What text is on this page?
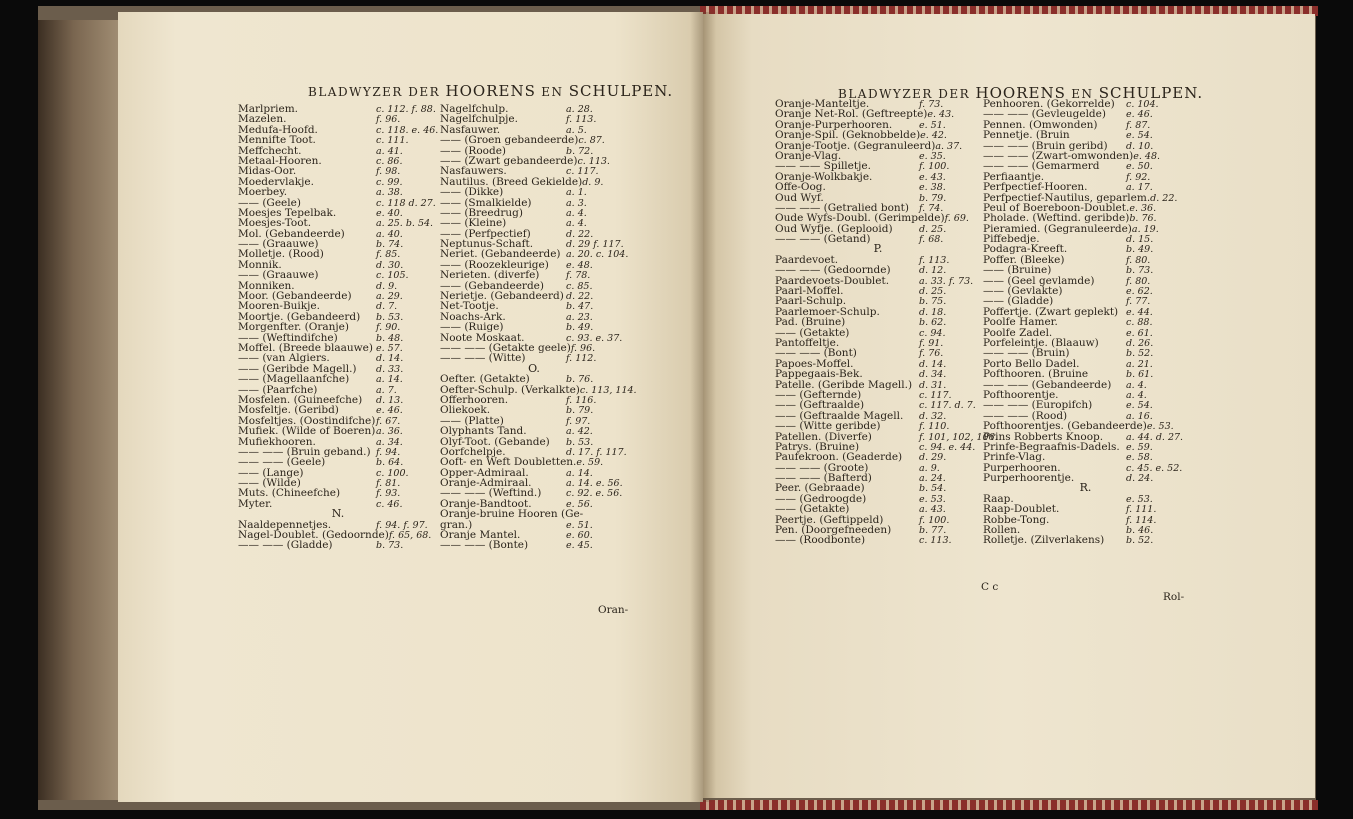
BLADWYZER DER HOORENS EN SCHULPEN.
Marlpriem.	c. 112. f. 88.
Mazelen.	f. 96.
Medufa-Hoofd.	c. 118. e. 46.
Mennifte Toot.	c. 111.
Meffchecht.	a. 41.
Metaal-Hooren.	c. 86.
Midas-Oor.	f. 98.
Moedervlakje.	c. 99.
Moerbey.	a. 38.
—— (Geele)	c. 118 d. 27.
Moesjes Tepelbak.	e. 40.
Moesjes-Toot.	a. 25. b. 54.
Mol. (Gebandeerde)	a. 40.
—— (Graauwe)	b. 74.
Molletje. (Rood)	f. 85.
Monnik.	d. 30.
—— (Graauwe)	c. 105.
Monniken.	d. 9.
Moor. (Gebandeerde)	a. 29.
Mooren-Buikje.	d. 7.
Moortje. (Gebandeerd)	b. 53.
Morgenfter. (Oranje)	f. 90.
—— (Weftindifche)	b. 48.
Moffel. (Breede blaauwe) e. 57.
—— (van Algiers.	d. 14.
—— (Geribde Magell.)	d. 33.
—— (Magellaanfche)	a. 14.
—— (Paarfche)	a. 7.
Mosfelen. (Guineefche)	d. 13.
Mosfeltje. (Geribd)	e. 46.
Mosfeltjes. (Oostindifche) f. 67.
Mufiek. (Wilde of Boeren) a. 36.
Mufiekhooren.	a. 34.
—— —— (Bruin geband.) f. 94.
—— —— (Geele)	b. 64.
—— (Lange)	c. 100.
—— (Wilde)	f. 81.
Muts. (Chineefche)	f. 93.
Myter.	c. 46.
N.
Naaldepennetjes.	f. 94. f. 97.
Nagel-Doublet. (Gedoornde) f. 65, 68.
—— —— (Gladde)	b. 73.
Nagelfchulp.	a. 28.
Nagelfchulpje.	f. 113.
Nasfauwer.	a. 5.
—— (Groen gebandeerde) c. 87.
—— (Roode)	b. 72.
—— (Zwart gebandeerde) c. 113.
Nasfauwers.	c. 117.
Nautilus. (Breed Gekielde) d. 9.
—— (Dikke)	a. 1.
—— (Smalkielde)	a. 3.
—— (Breedrug)	a. 4.
—— (Kleine)	a. 4.
—— (Perfpectief)	d. 22.
Neptunus-Schaft.	d. 29 f. 117.
Neriet. (Gebandeerde) a. 20. c. 104.
—— (Roozekleurige)	e. 48.
Nerieten. (diverfe)	f. 78.
—— (Gebandeerde)	c. 85.
Nerietje. (Gebandeerd) d. 22.
Net-Tootje.	b. 47.
Noachs-Ark.	a. 23.
—— (Ruige)	b. 49.
Noote Moskaat.	c. 93. e. 37.
—— —— (Getakte geele) f. 96.
—— —— (Witte)	f. 112.
O.
Oefter. (Getakte)	b. 76.
Oefter-Schulp. (Verkalkte) c. 113, 114.
Offerhooren.	f. 116.
Oliekoek.	b. 79.
—— (Platte)	f. 97.
Olyphants Tand.	a. 42.
Olyf-Toot. (Gebande)	b. 53.
Oorfchelpje.	d. 17. f. 117.
Ooft- en Weft Doubletten. e. 59.
Opper-Admiraal.	a. 14.
Oranje-Admiraal.	a. 14. e. 56.
—— —— (Weftind.)	c. 92. e. 56.
Oranje-Bandtoot.	e. 56.
Oranje-bruine Hooren (Ge-
gran.)	e. 51.
Oranje Mantel.	e. 60.
—— —— (Bonte)	e. 45.
Oran-
BLADWYZER DER HOORENS EN SCHULPEN.
Oranje-Manteltje.	f. 73.
Oranje Net-Rol. (Geftreepte) e. 43.
Oranje-Purperhooren.	e. 51.
Oranje-Spil. (Geknobbelde) e. 42.
Oranje-Tootje. (Gegranuleerd) a. 37.
Oranje-Vlag.	e. 35.
—— —— Spilletje.	f. 100.
Oranje-Wolkbakje.	e. 43.
Offe-Oog.	e. 38.
Oud Wyf.	b. 79.
—— —— (Getralied bont)	f. 74.
Oude Wyfs-Doubl. (Gerimpelde) f. 69.
Oud Wyfje. (Geplooid)	d. 25.
—— —— (Getand)	f. 68.
P.
Paardevoet.	f. 113.
—— —— (Gedoornde)	d. 12.
Paardevoets-Doublet.	a. 33. f. 73.
Paarl-Moffel.	d. 25.
Paarl-Schulp.	b. 75.
Paarlemoer-Schulp.	d. 18.
Pad. (Bruine)	b. 62.
—— (Getakte)	c. 94.
Pantoffeltje.	f. 91.
—— —— (Bont)	f. 76.
Papoes-Moffel.	d. 14.
Pappegaais-Bek.	d. 34.
Patelle. (Geribde Magell.) d. 31.
—— (Gefternde)	c. 117.
—— (Geftraalde)	c. 117. d. 7.
—— (Geftraalde Magell.	d. 32.
—— (Witte geribde)	f. 110.
Patellen. (Diverfe)	f. 101, 102, 106.
Patrys. (Bruine)	c. 94. e. 44.
Paufekroon. (Geaderde)	d. 29.
—— —— (Groote)	a. 9.
—— —— (Bafterd)	a. 24.
Peer. (Gebraade)	b. 54.
—— (Gedroogde)	e. 53.
—— (Getakte)	a. 43.
Peertje. (Geftippeld)	f. 100.
Pen. (Doorgefneeden)	b. 77.
—— (Roodbonte)	c. 113.
Penhooren. (Gekorrelde)	c. 104.
—— —— (Gevleugelde)	e. 46.
Pennen. (Omwonden)	f. 87.
Pennetje. (Bruin	e. 54.
—— —— (Bruin geribd)	d. 10.
—— —— (Zwart-omwonden) e. 48.
—— —— (Gemarmerd	e. 50.
Perfiaantje.	f. 92.
Perfpectief-Hooren.	a. 17.
Perfpectief-Nautilus, geparlem. d. 22.
Peul of Boereboon-Doublet. e. 36.
Pholade. (Weftind. geribde) b. 76.
Pieramied. (Gegranuleerde) a. 19.
Piffebedje.	d. 15.
Podagra-Kreeft.	b. 49.
Poffer. (Bleeke)	f. 80.
—— (Bruine)	b. 73.
—— (Geel gevlamde)	f. 80.
—— (Gevlakte)	e. 62.
—— (Gladde)	f. 77.
Poffertje. (Zwart geplekt) e. 44.
Poolfe Hamer.	c. 88.
Poolfe Zadel.	e. 61.
Porfeleintje. (Blaauw)	d. 26.
—— —— (Bruin)	b. 52.
Porto Bello Dadel.	a. 21.
Pofthooren. (Bruine	b. 61.
—— —— (Gebandeerde)	a. 4.
Pofthoorentje.	a. 4.
—— —— (Europifch)	e. 54.
—— —— (Rood)	a. 16.
Pofthoorentjes. (Gebandeerde) e. 53.
Prins Robberts Knoop.	a. 44. d. 27.
Prinfe-Begraafnis-Dadels. e. 59.
Prinfe-Vlag.	e. 58.
Purperhooren.	c. 45. e. 52.
Purperhoorentje.	d. 24.
R.
Raap.	e. 53.
Raap-Doublet.	f. 111.
Robbe-Tong.	f. 114.
Rollen.	b. 46.
Rolletje. (Zilverlakens)	b. 52.
C c
Rol-
